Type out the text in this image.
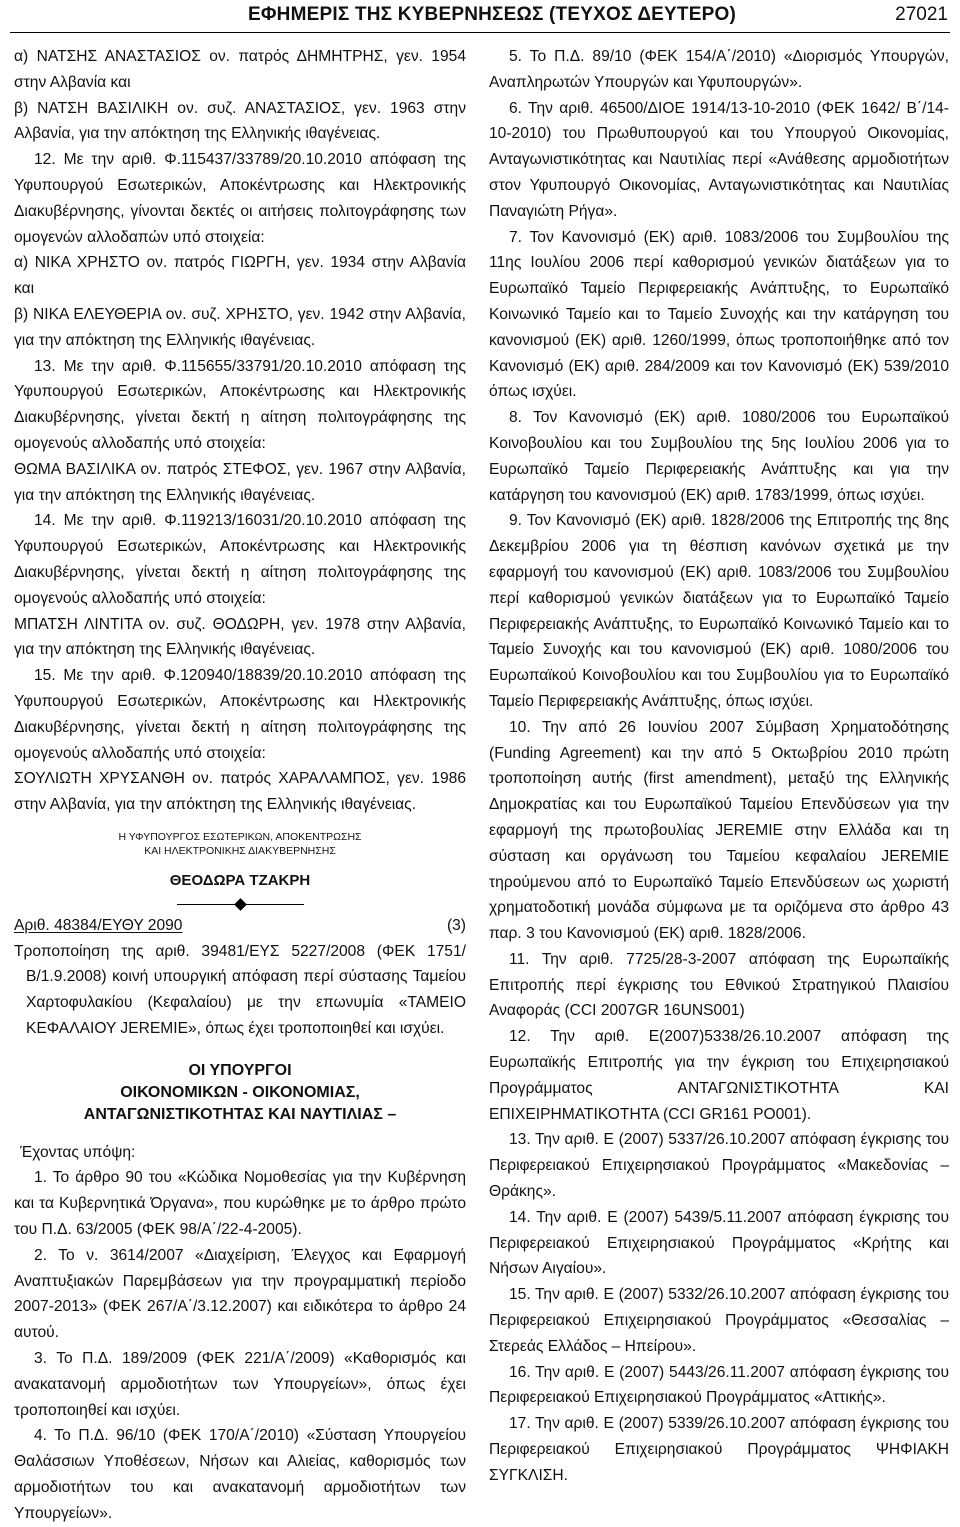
ΕΦΗΜΕΡΙΣ ΤΗΣ ΚΥΒΕΡΝΗΣΕΩΣ (ΤΕΥΧΟΣ ΔΕΥΤΕΡΟ)	27021

α) ΝΑΤΣΗΣ ΑΝΑΣΤΑΣΙΟΣ ον. πατρός ΔΗΜΗΤΡΗΣ, γεν. 1954 στην Αλβανία και

β) ΝΑΤΣΗ ΒΑΣΙΛΙΚΗ ον. συζ. ΑΝΑΣΤΑΣΙΟΣ, γεν. 1963 στην Αλβανία, για την απόκτηση της Ελληνικής ιθαγένειας.

12. Με την αριθ. Φ.115437/33789/20.10.2010 απόφαση της Υφυπουργού Εσωτερικών, Αποκέντρωσης και Ηλεκτρονικής Διακυβέρνησης, γίνονται δεκτές οι αιτήσεις πολιτογράφησης των ομογενών αλλοδαπών υπό στοιχεία:

α) ΝΙΚΑ ΧΡΗΣΤΟ ον. πατρός ΓΙΩΡΓΗ, γεν. 1934 στην Αλβανία και

β) ΝΙΚΑ ΕΛΕΥΘΕΡΙΑ ον. συζ. ΧΡΗΣΤΟ, γεν. 1942 στην Αλβανία, για την απόκτηση της Ελληνικής ιθαγένειας.

13. Με την αριθ. Φ.115655/33791/20.10.2010 απόφαση της Υφυπουργού Εσωτερικών, Αποκέντρωσης και Ηλεκτρονικής Διακυβέρνησης, γίνεται δεκτή η αίτηση πολιτογράφησης της ομογενούς αλλοδαπής υπό στοιχεία:

ΘΩΜΑ ΒΑΣΙΛΙΚΑ ον. πατρός ΣΤΕΦΟΣ, γεν. 1967 στην Αλβανία, για την απόκτηση της Ελληνικής ιθαγένειας.

14. Με την αριθ. Φ.119213/16031/20.10.2010 απόφαση της Υφυπουργού Εσωτερικών, Αποκέντρωσης και Ηλεκτρονικής Διακυβέρνησης, γίνεται δεκτή η αίτηση πολιτογράφησης της ομογενούς αλλοδαπής υπό στοιχεία:

ΜΠΑΤΣΗ ΛΙΝΤΙΤΑ ον. συζ. ΘΟΔΩΡΗ, γεν. 1978 στην Αλβανία, για την απόκτηση της Ελληνικής ιθαγένειας.

15. Με την αριθ. Φ.120940/18839/20.10.2010 απόφαση της Υφυπουργού Εσωτερικών, Αποκέντρωσης και Ηλεκτρονικής Διακυβέρνησης, γίνεται δεκτή η αίτηση πολιτογράφησης της ομογενούς αλλοδαπής υπό στοιχεία:

ΣΟΥΛΙΩΤΗ ΧΡΥΣΑΝΘΗ ον. πατρός ΧΑΡΑΛΑΜΠΟΣ, γεν. 1986 στην Αλβανία, για την απόκτηση της Ελληνικής ιθαγένειας.

Η ΥΦΥΠΟΥΡΓΟΣ ΕΣΩΤΕΡΙΚΩΝ, ΑΠΟΚΕΝΤΡΩΣΗΣ
ΚΑΙ ΗΛΕΚΤΡΟΝΙΚΗΣ ΔΙΑΚΥΒΕΡΝΗΣΗΣ
ΘΕΟΔΩΡΑ ΤΖΑΚΡΗ
Αριθ. 48384/ΕΥΘΥ 2090	(3)

Τροποποίηση της αριθ. 39481/ΕΥΣ 5227/2008 (ΦΕΚ 1751/ Β/1.9.2008) κοινή υπουργική απόφαση περί σύστασης Ταμείου Χαρτοφυλακίου (Κεφαλαίου) με την επωνυμία «ΤΑΜΕΙΟ ΚΕΦΑΛΑΙΟΥ JEREMIE», όπως έχει τροποποιηθεί και ισχύει.

ΟΙ ΥΠΟΥΡΓΟΙ
ΟΙΚΟΝΟΜΙΚΩΝ - ΟΙΚΟΝΟΜΙΑΣ,
ΑΝΤΑΓΩΝΙΣΤΙΚΟΤΗΤΑΣ ΚΑΙ ΝΑΥΤΙΛΙΑΣ –

Έχοντας υπόψη:

1. Το άρθρο 90 του «Κώδικα Νομοθεσίας για την Κυβέρνηση και τα Κυβερνητικά Όργανα», που κυρώθηκε με το άρθρο πρώτο του Π.Δ. 63/2005 (ΦΕΚ 98/Α΄/22-4-2005).

2. Το ν. 3614/2007 «Διαχείριση, Έλεγχος και Εφαρμογή Αναπτυξιακών Παρεμβάσεων για την προγραμματική περίοδο 2007-2013» (ΦΕΚ 267/Α΄/3.12.2007) και ειδικότερα το άρθρο 24 αυτού.

3. Το Π.Δ. 189/2009 (ΦΕΚ 221/Α΄/2009) «Καθορισμός και ανακατανομή αρμοδιοτήτων των Υπουργείων», όπως έχει τροποποιηθεί και ισχύει.

4. Το Π.Δ. 96/10 (ΦΕΚ 170/Α΄/2010) «Σύσταση Υπουργείου Θαλάσσιων Υποθέσεων, Νήσων και Αλιείας, καθορισμός των αρμοδιοτήτων του και ανακατανομή αρμοδιοτήτων των Υπουργείων».

5. Το Π.Δ. 89/10 (ΦΕΚ 154/Α΄/2010) «Διορισμός Υπουργών, Αναπληρωτών Υπουργών και Υφυπουργών».

6. Την αριθ. 46500/ΔΙΟΕ 1914/13-10-2010 (ΦΕΚ 1642/ Β΄/14-10-2010) του Πρωθυπουργού και του Υπουργού Οικονομίας, Ανταγωνιστικότητας και Ναυτιλίας περί «Ανάθεσης αρμοδιοτήτων στον Υφυπουργό Οικονομίας, Ανταγωνιστικότητας και Ναυτιλίας Παναγιώτη Ρήγα».

7. Τον Κανονισμό (ΕΚ) αριθ. 1083/2006 του Συμβουλίου της 11ης Ιουλίου 2006 περί καθορισμού γενικών διατάξεων για το Ευρωπαϊκό Ταμείο Περιφερειακής Ανάπτυξης, το Ευρωπαϊκό Κοινωνικό Ταμείο και το Ταμείο Συνοχής και την κατάργηση του κανονισμού (ΕΚ) αριθ. 1260/1999, όπως τροποποιήθηκε από τον Κανονισμό (ΕΚ) αριθ. 284/2009 και τον Κανονισμό (ΕΚ) 539/2010 όπως ισχύει.

8. Τον Κανονισμό (ΕΚ) αριθ. 1080/2006 του Ευρωπαϊκού Κοινοβουλίου και του Συμβουλίου της 5ης Ιουλίου 2006 για το Ευρωπαϊκό Ταμείο Περιφερειακής Ανάπτυξης και για την κατάργηση του κανονισμού (ΕΚ) αριθ. 1783/1999, όπως ισχύει.

9. Τον Κανονισμό (ΕΚ) αριθ. 1828/2006 της Επιτροπής της 8ης Δεκεμβρίου 2006 για τη θέσπιση κανόνων σχετικά με την εφαρμογή του κανονισμού (ΕΚ) αριθ. 1083/2006 του Συμβουλίου περί καθορισμού γενικών διατάξεων για το Ευρωπαϊκό Ταμείο Περιφερειακής Ανάπτυξης, το Ευρωπαϊκό Κοινωνικό Ταμείο και το Ταμείο Συνοχής και του κανονισμού (ΕΚ) αριθ. 1080/2006 του Ευρωπαϊκού Κοινοβουλίου και του Συμβουλίου για το Ευρωπαϊκό Ταμείο Περιφερειακής Ανάπτυξης, όπως ισχύει.

10. Την από 26 Ιουνίου 2007 Σύμβαση Χρηματοδότησης (Funding Agreement) και την από 5 Οκτωβρίου 2010 πρώτη τροποποίηση αυτής (first amendment), μεταξύ της Ελληνικής Δημοκρατίας και του Ευρωπαϊκού Ταμείου Επενδύσεων για την εφαρμογή της πρωτοβουλίας JEREMIE στην Ελλάδα και τη σύσταση και οργάνωση του Ταμείου κεφαλαίου JEREMIE τηρούμενου από το Ευρωπαϊκό Ταμείο Επενδύσεων ως χωριστή χρηματοδοτική μονάδα σύμφωνα με τα οριζόμενα στο άρθρο 43 παρ. 3 του Κανονισμού (ΕΚ) αριθ. 1828/2006.

11. Την αριθ. 7725/28-3-2007 απόφαση της Ευρωπαϊκής Επιτροπής περί έγκρισης του Εθνικού Στρατηγικού Πλαισίου Αναφοράς (CCI 2007GR 16UNS001)

12. Την αριθ. Ε(2007)5338/26.10.2007 απόφαση της Ευρωπαϊκής Επιτροπής για την έγκριση του Επιχειρησιακού Προγράμματος ΑΝΤΑΓΩΝΙΣΤΙΚΟΤΗΤΑ ΚΑΙ ΕΠΙΧΕΙΡΗΜΑΤΙΚΟΤΗΤΑ (CCI GR161 PO001).

13. Την αριθ. Ε (2007) 5337/26.10.2007 απόφαση έγκρισης του Περιφερειακού Επιχειρησιακού Προγράμματος «Μακεδονίας – Θράκης».

14. Την αριθ. Ε (2007) 5439/5.11.2007 απόφαση έγκρισης του Περιφερειακού Επιχειρησιακού Προγράμματος «Κρήτης και Νήσων Αιγαίου».

15. Την αριθ. Ε (2007) 5332/26.10.2007 απόφαση έγκρισης του Περιφερειακού Επιχειρησιακού Προγράμματος «Θεσσαλίας – Στερεάς Ελλάδος – Ηπείρου».

16. Την αριθ. Ε (2007) 5443/26.11.2007 απόφαση έγκρισης του Περιφερειακού Επιχειρησιακού Προγράμματος «Αττικής».

17. Την αριθ. Ε (2007) 5339/26.10.2007 απόφαση έγκρισης του Περιφερειακού Επιχειρησιακού Προγράμματος ΨΗΦΙΑΚΗ ΣΥΓΚΛΙΣΗ.
